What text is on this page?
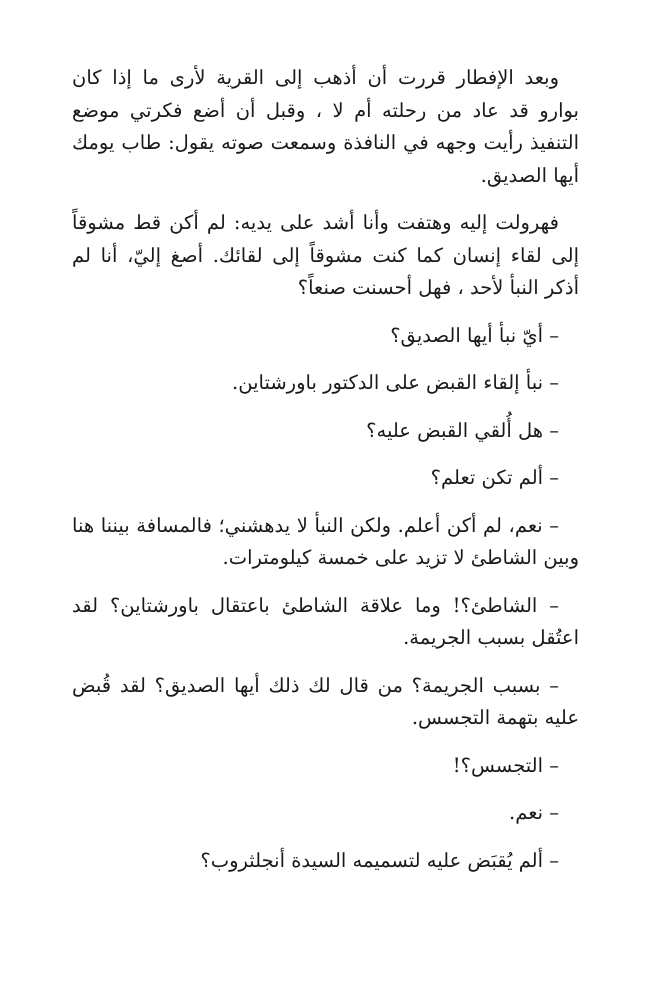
وبعد الإفطار قررت أن أذهب إلى القرية لأرى ما إذا كان بوارو قد عاد من رحلته أم لا ، وقبل أن أضع فكرتي موضع التنفيذ رأيت وجهه في النافذة وسمعت صوته يقول: طاب يومك أيها الصديق.

فهرولت إليه وهتفت وأنا أشد على يديه: لم أكن قط مشوقاً إلى لقاء إنسان كما كنت مشوقاً إلى لقائك. أصغ إليّ، أنا لم أذكر النبأ لأحد ، فهل أحسنت صنعاً؟

– أيّ نبأ أيها الصديق؟

– نبأ إلقاء القبض على الدكتور باورشتاين.

– هل أُلقي القبض عليه؟

– ألم تكن تعلم؟

– نعم، لم أكن أعلم. ولكن النبأ لا يدهشني؛ فالمسافة بيننا هنا وبين الشاطئ لا تزيد على خمسة كيلومترات.

– الشاطئ؟! وما علاقة الشاطئ باعتقال باورشتاين؟ لقد اعتُقل بسبب الجريمة.

– بسبب الجريمة؟ من قال لك ذلك أيها الصديق؟ لقد قُبض عليه بتهمة التجسس.

– التجسس؟!

– نعم.

– ألم يُقبَض عليه لتسميمه السيدة أنجلثروب؟
